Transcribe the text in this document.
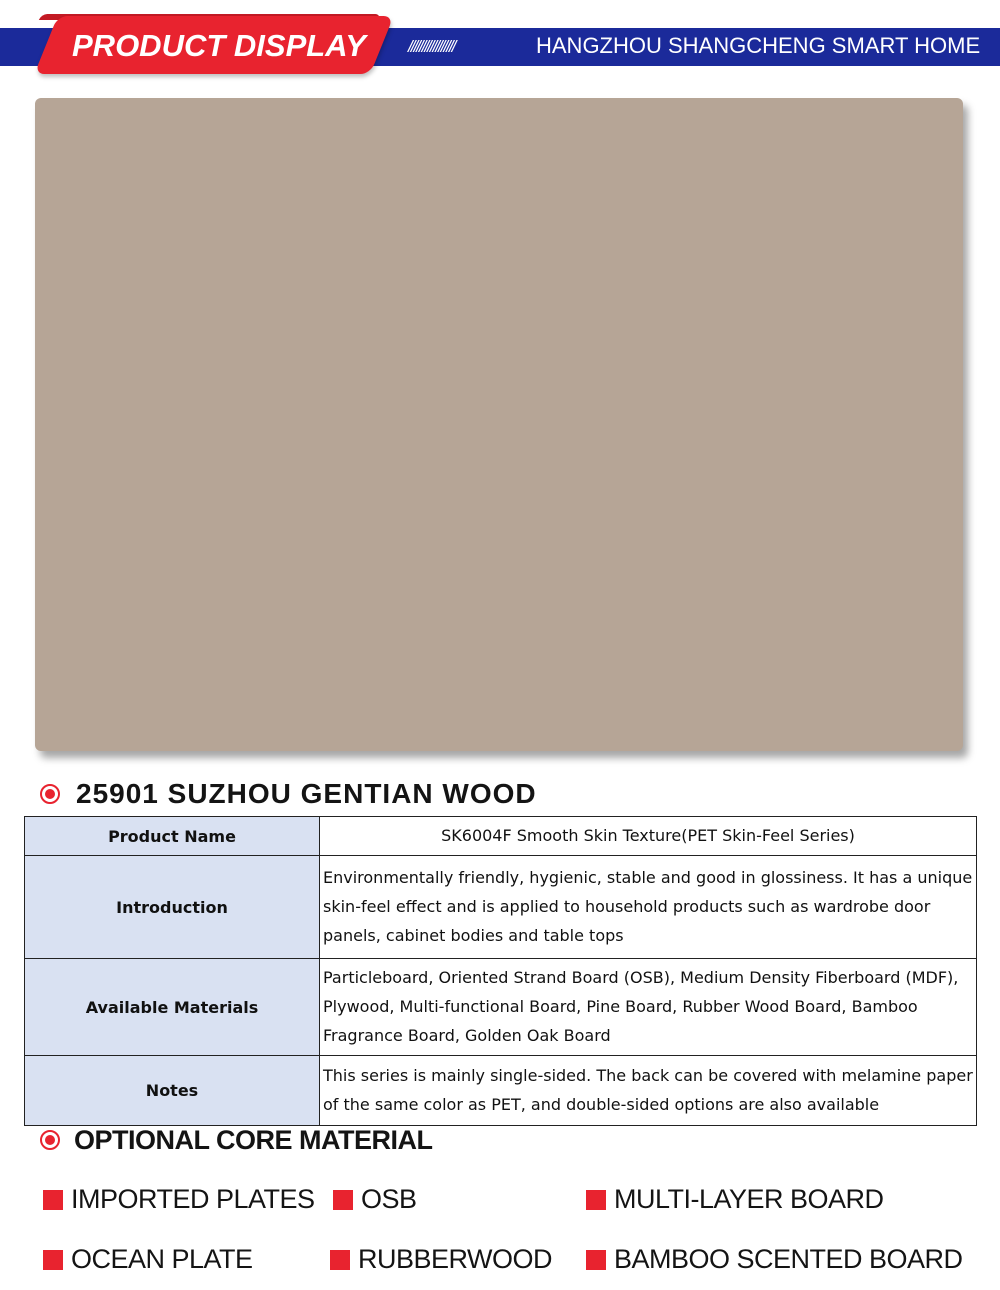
PRODUCT DISPLAY /////////////////	HANGZHOU SHANGCHENG SMART HOME
25901 SUZHOU GENTIAN WOOD
Product Name	SK6004F Smooth Skin Texture(PET Skin-Feel Series)
Introduction	Environmentally friendly, hygienic, stable and good in glossiness. It has a unique skin-feel effect and is applied to household products such as wardrobe door panels, cabinet bodies and table tops
Available Materials	Particleboard, Oriented Strand Board (OSB), Medium Density Fiberboard (MDF), Plywood, Multi-functional Board, Pine Board, Rubber Wood Board, Bamboo Fragrance Board, Golden Oak Board
Notes	This series is mainly single-sided. The back can be covered with melamine paper of the same color as PET, and double-sided options are also available
OPTIONAL CORE MATERIAL
IMPORTED PLATES OSB	MULTI-LAYER BOARD
OCEAN PLATE	RUBBERWOOD BAMBOO SCENTED BOARD
